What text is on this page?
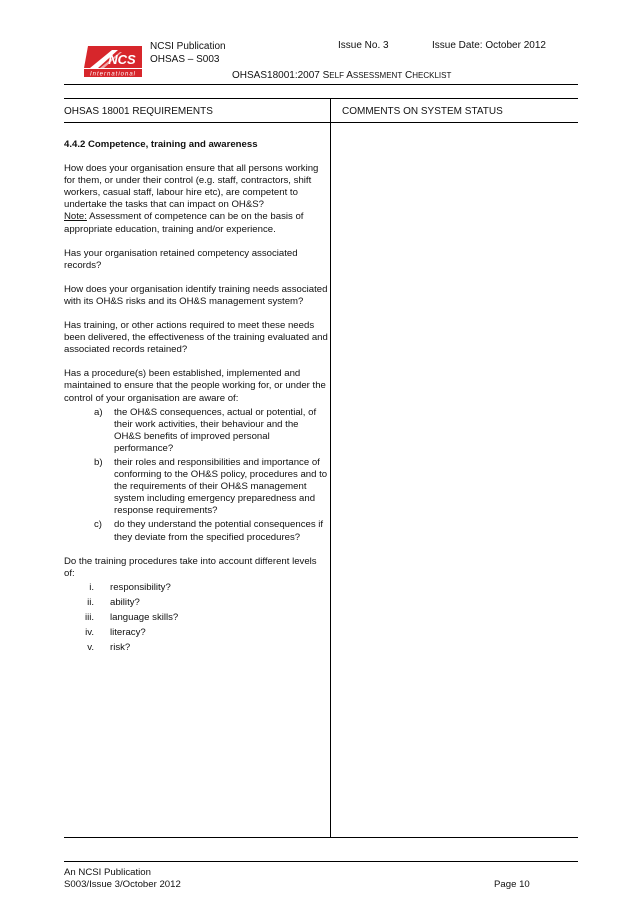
NCS
International
NCSI Publication
OHSAS – S003
Issue No. 3	Issue Date: October 2012
OHSAS18001:2007 SELF ASSESSMENT CHECKLIST
OHSAS 18001 REQUIREMENTS	COMMENTS ON SYSTEM STATUS

4.4.2 Competence, training and awareness

How does your organisation ensure that all persons working for them, or under their control (e.g. staff, contractors, shift workers, casual staff, labour hire etc), are competent to undertake the tasks that can impact on OH&S?

Note: Assessment of competence can be on the basis of appropriate education, training and/or experience.

Has your organisation retained competency associated records?

How does your organisation identify training needs associated with its OH&S risks and its OH&S management system?

Has training, or other actions required to meet these needs been delivered, the effectiveness of the training evaluated and associated records retained?

Has a procedure(s) been established, implemented and maintained to ensure that the people working for, or under the control of your organisation are aware of:

a) the OH&S consequences, actual or potential, of their work activities, their behaviour and the OH&S benefits of improved personal performance?
b) their roles and responsibilities and importance of conforming to the OH&S policy, procedures and to the requirements of their OH&S management system including emergency preparedness and response requirements?
c) do they understand the potential consequences if they deviate from the specified procedures?

Do the training procedures take into account different levels of:

i. responsibility?
ii. ability?
iii. language skills?
iv. literacy?
v. risk?
An NCSI Publication
S003/Issue 3/October 2012	Page 10
